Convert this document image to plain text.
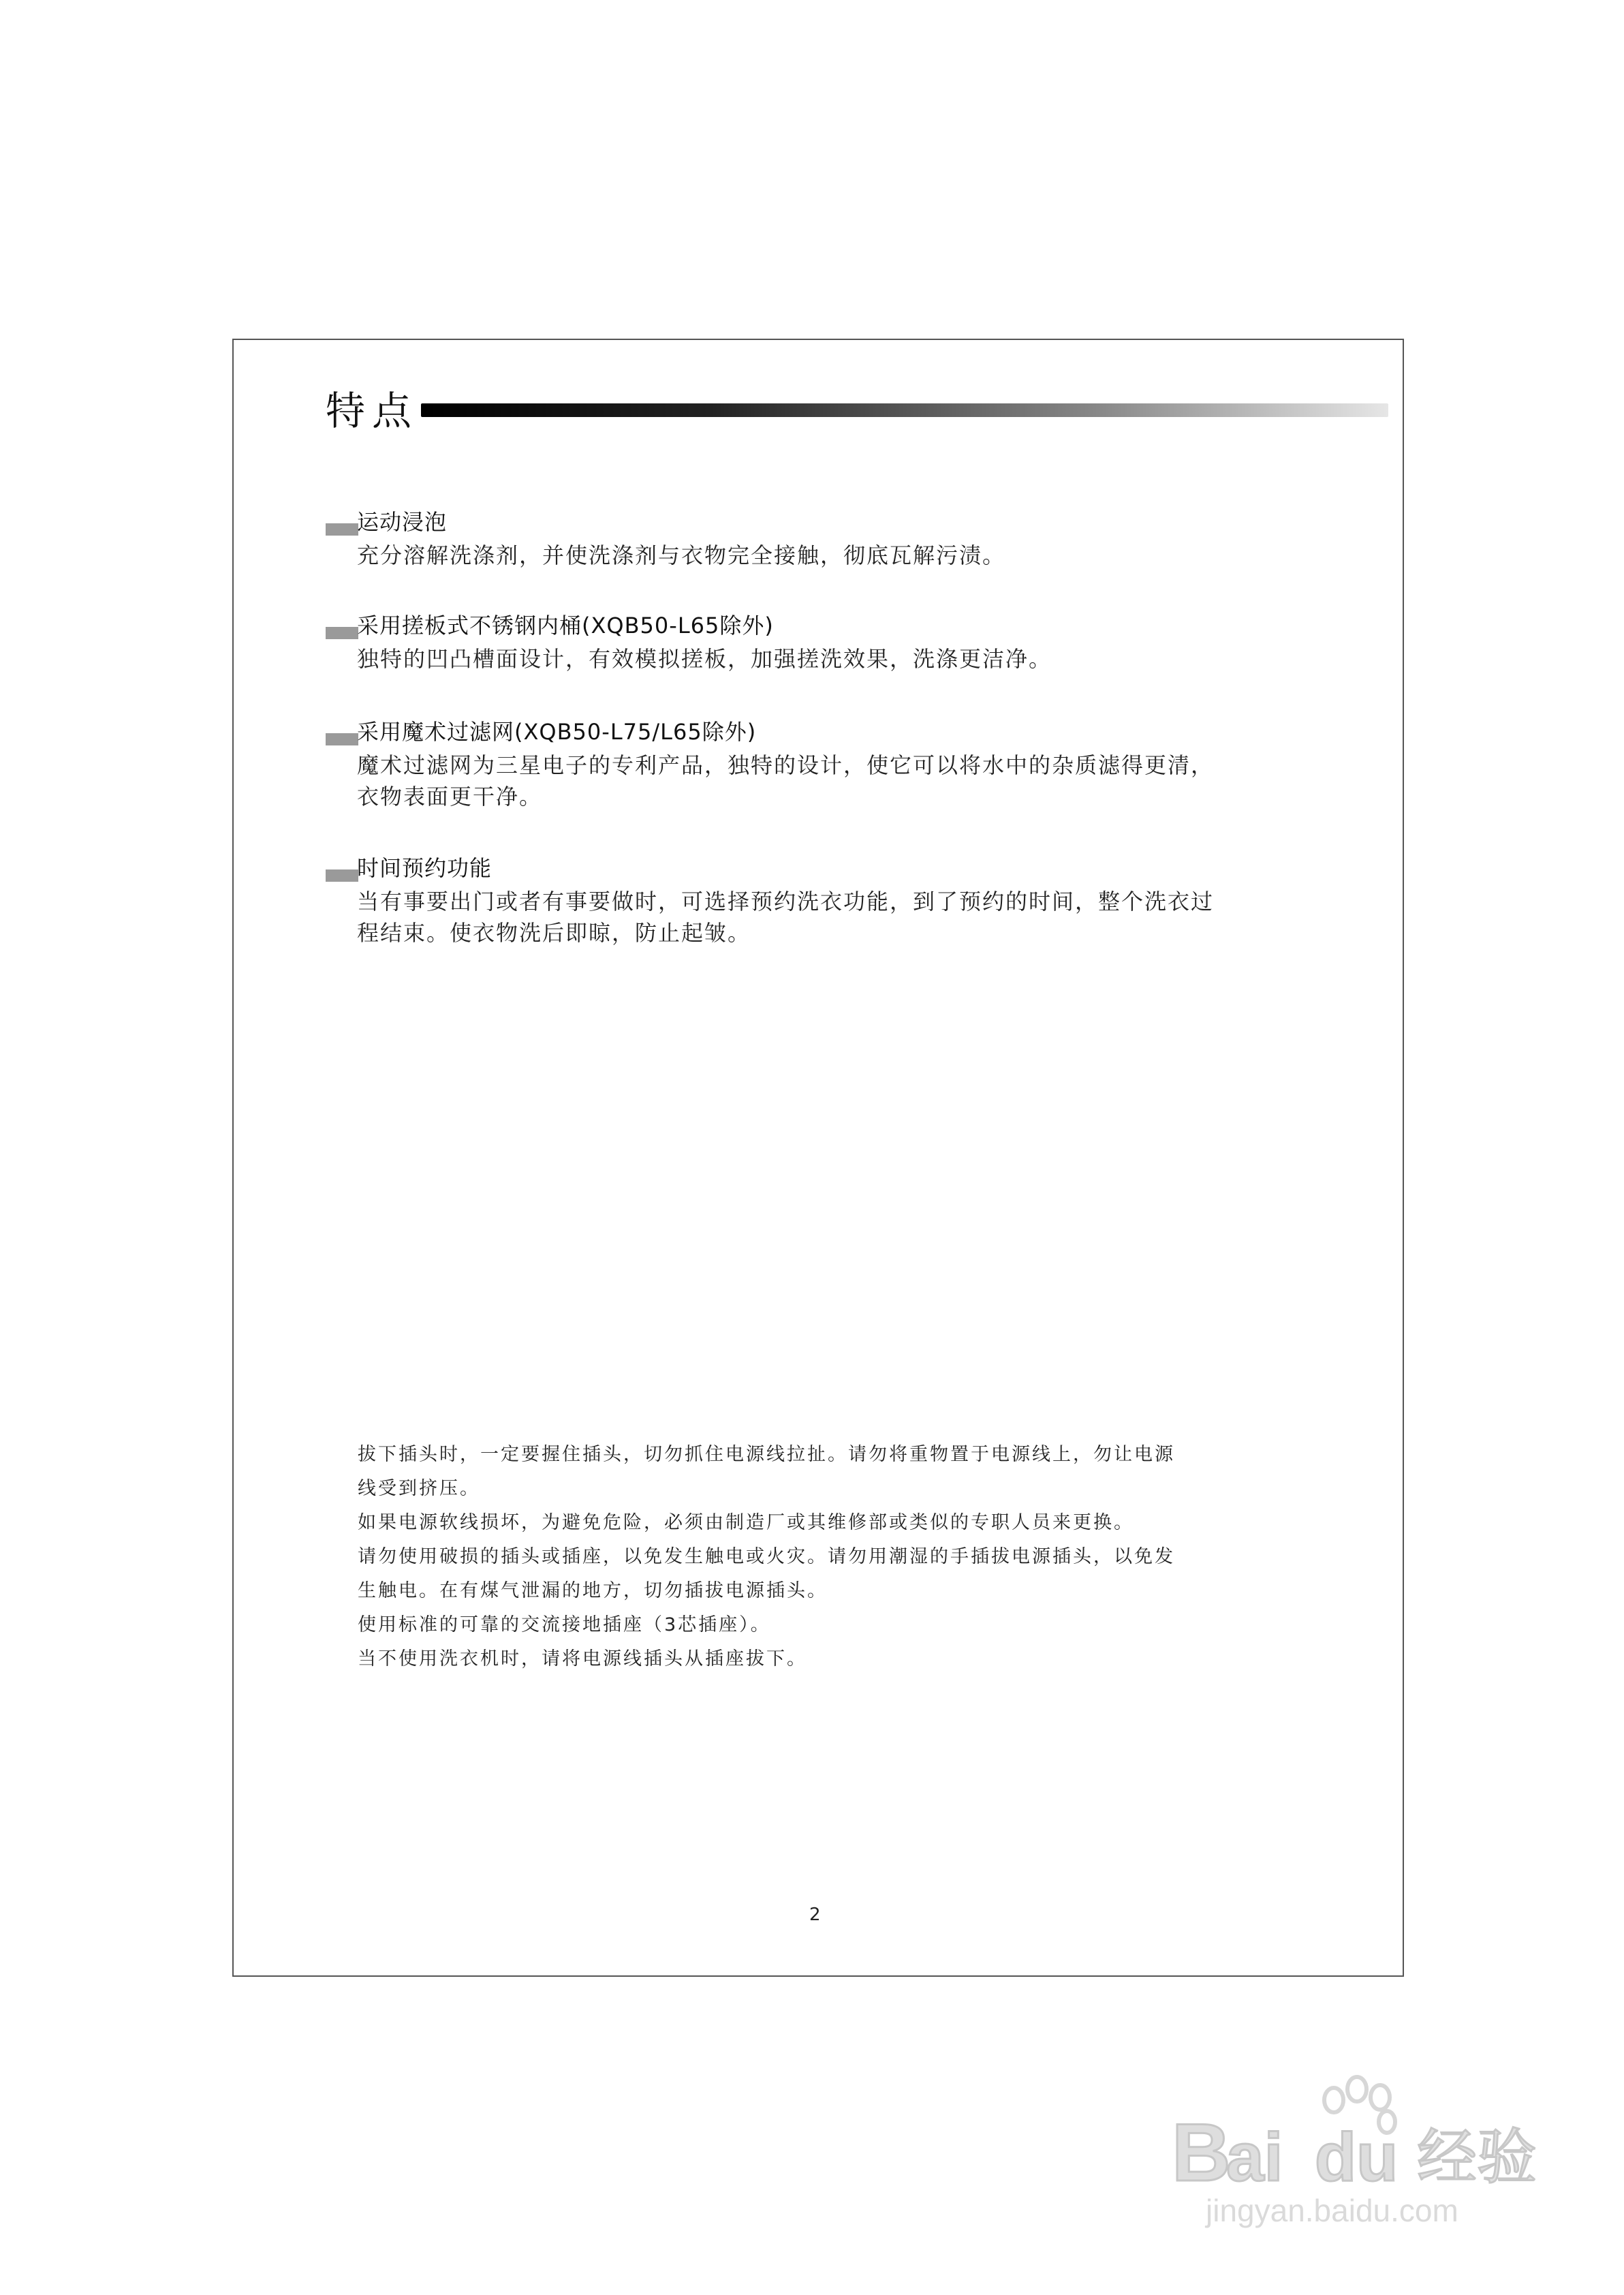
特点
运动浸泡

充分溶解洗涤剂，并使洗涤剂与衣物完全接触，彻底瓦解污渍。

采用搓板式不锈钢内桶(XQB50-L65除外)

独特的凹凸槽面设计，有效模拟搓板，加强搓洗效果，洗涤更洁净。

采用魔术过滤网(XQB50-L75/L65除外)

魔术过滤网为三星电子的专利产品，独特的设计，使它可以将水中的杂质滤得更清，

衣物表面更干净。

时间预约功能

当有事要出门或者有事要做时，可选择预约洗衣功能，到了预约的时间，整个洗衣过

程结束。使衣物洗后即晾，防止起皱。

拔下插头时，一定要握住插头，切勿抓住电源线拉扯。请勿将重物置于电源线上，勿让电源

线受到挤压。

如果电源软线损坏，为避免危险，必须由制造厂或其维修部或类似的专职人员来更换。

请勿使用破损的插头或插座，以免发生触电或火灾。请勿用潮湿的手插拔电源插头，以免发

生触电。在有煤气泄漏的地方，切勿插拔电源插头。

使用标准的可靠的交流接地插座（3芯插座）。

当不使用洗衣机时，请将电源线插头从插座拔下。

2
B
ai du 经验
jingyan.baidu.com
